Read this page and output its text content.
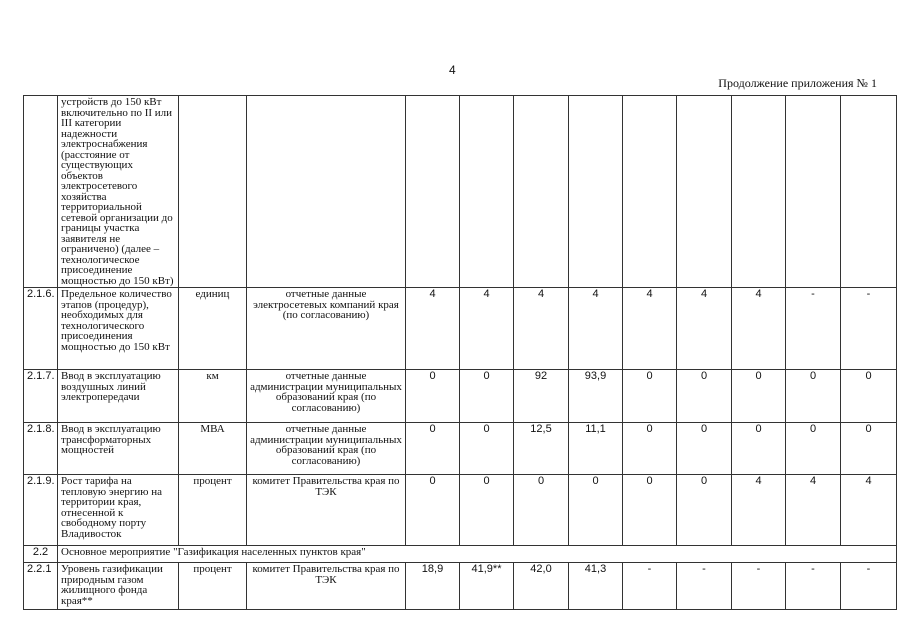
4
Продолжение приложения № 1
	устройств до 150 кВт включительно по II или III категории надежности электроснабжения (расстояние от существующих объектов электросетевого хозяйства территориальной сетевой организации до границы участка заявителя не ограничено) (далее – технологическое присоединение мощностью до 150 кВт)											
2.1.6.	Предельное количество этапов (процедур), необходимых для технологического присоединения мощностью до 150 кВт	единиц	отчетные данные электросетевых компаний края (по согласованию)	4	4	4	4	4	4	4	-	-
2.1.7.	Ввод в эксплуатацию воздушных линий электропередачи	км	отчетные данные администрации муниципальных образований края (по согласованию)	0	0	92	93,9	0	0	0	0	0
2.1.8.	Ввод в эксплуатацию трансформаторных мощностей	МВА	отчетные данные администрации муниципальных образований края (по согласованию)	0	0	12,5	11,1	0	0	0	0	0
2.1.9.	Рост тарифа на тепловую энергию на территории края, отнесенной к свободному порту Владивосток	процент	комитет Правительства края по ТЭК	0	0	0	0	0	0	4	4	4
2.2	Основное мероприятие "Газификация населенных пунктов края"											
2.2.1	Уровень газификации природным газом жилищного фонда края**	процент	комитет Правительства края по ТЭК	18,9	41,9**	42,0	41,3	-	-	-	-	-
